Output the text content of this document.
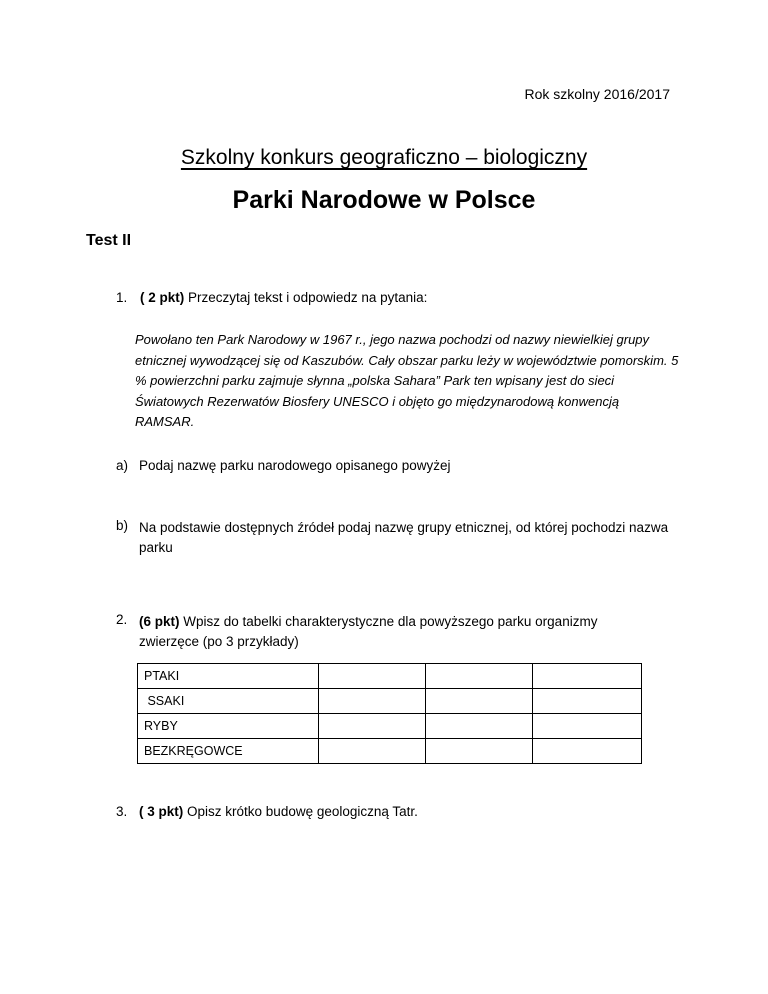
Rok szkolny 2016/2017
Szkolny konkurs geograficzno – biologiczny
Parki Narodowe w Polsce
Test II
1. ( 2 pkt) Przeczytaj tekst i odpowiedz na pytania:
Powołano ten Park Narodowy w 1967 r., jego nazwa pochodzi od nazwy niewielkiej grupy etnicznej wywodzącej się od Kaszubów. Cały obszar parku leży w województwie pomorskim. 5 % powierzchni parku zajmuje słynna „polska Sahara” Park ten wpisany jest do sieci Światowych Rezerwatów Biosfery UNESCO i objęto go międzynarodową konwencją RAMSAR.
a) Podaj nazwę parku narodowego opisanego powyżej
b) Na podstawie dostępnych źródeł podaj nazwę grupy etnicznej, od której pochodzi nazwa parku
2. (6 pkt) Wpisz do tabelki charakterystyczne dla powyższego parku organizmy zwierzęce (po 3 przykłady)
PTAKI			
SSAKI			
RYBY			
BEZKRĘGOWCE			
3. ( 3 pkt) Opisz krótko budowę geologiczną Tatr.
